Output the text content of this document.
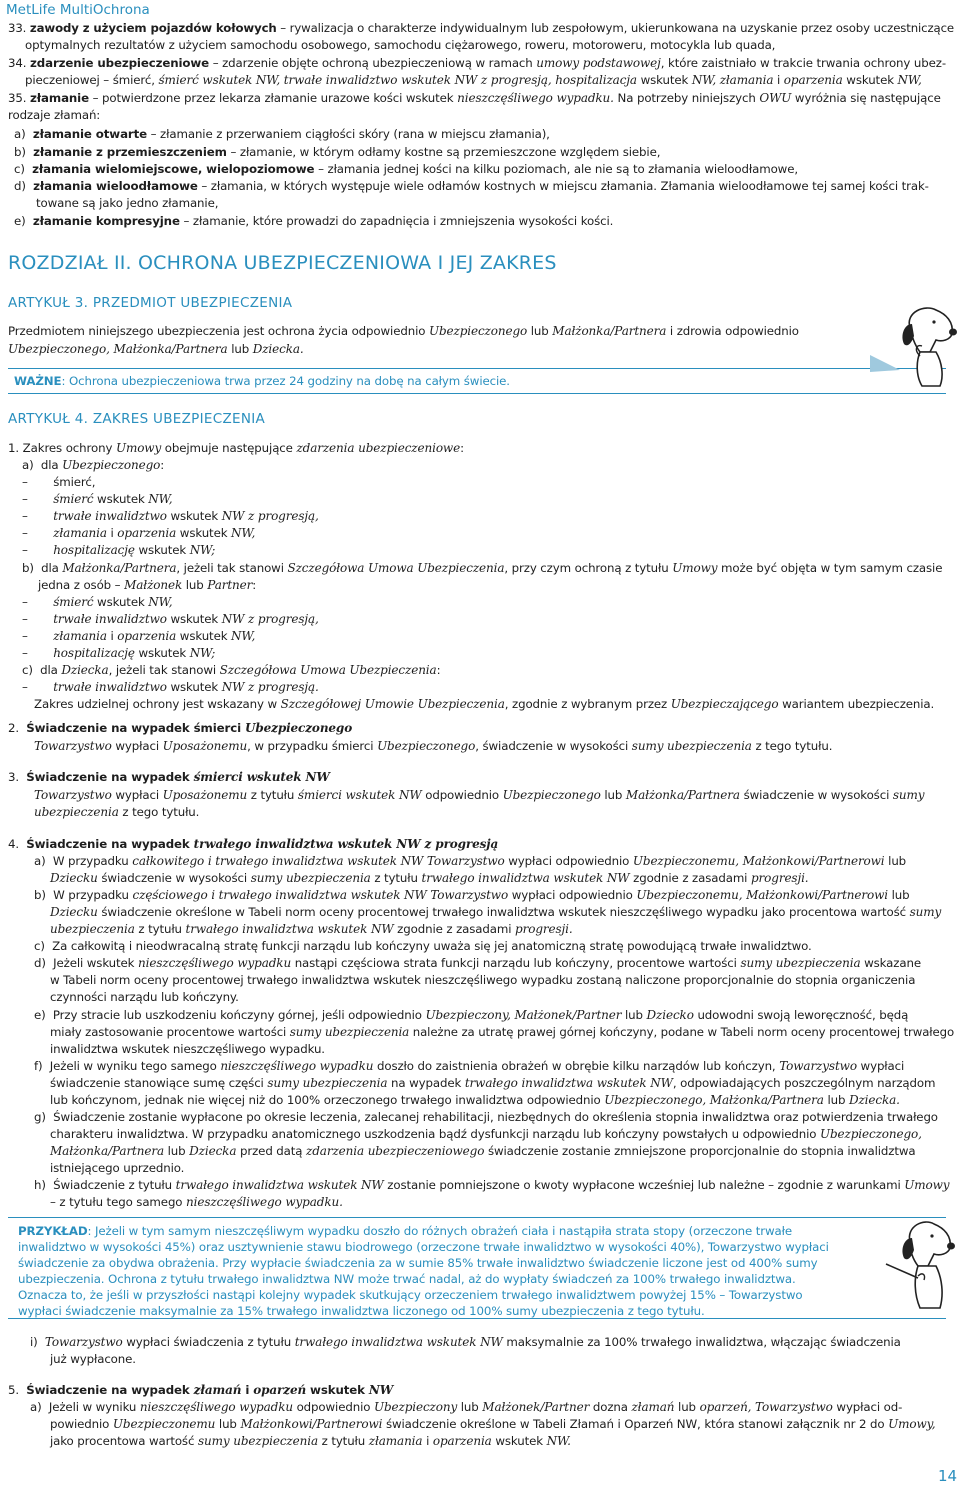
MetLife MultiOchrona
33. zawody z użyciem pojazdów kołowych – rywalizacja o charakterze indywidualnym lub zespołowym, ukierunkowana na uzyskanie przez osoby uczestniczące
optymalnych rezultatów z użyciem samochodu osobowego, samochodu ciężarowego, roweru, motoroweru, motocykla lub quada,
34. zdarzenie ubezpieczeniowe – zdarzenie objęte ochroną ubezpieczeniową w ramach umowy podstawowej, które zaistniało w trakcie trwania ochrony ubez-
pieczeniowej – śmierć, śmierć wskutek NW, trwałe inwalidztwo wskutek NW z progresją, hospitalizacja wskutek NW, złamania i oparzenia wskutek NW,
35. złamanie – potwierdzone przez lekarza złamanie urazowe kości wskutek nieszczęśliwego wypadku. Na potrzeby niniejszych OWU wyróżnia się następujące
rodzaje złamań:
a) złamanie otwarte – złamanie z przerwaniem ciągłości skóry (rana w miejscu złamania),
b) złamanie z przemieszczeniem – złamanie, w którym odłamy kostne są przemieszczone względem siebie,
c) złamania wielomiejscowe, wielopoziomowe – złamania jednej kości na kilku poziomach, ale nie są to złamania wieloodłamowe,
d) złamania wieloodłamowe – złamania, w których występuje wiele odłamów kostnych w miejscu złamania. Złamania wieloodłamowe tej samej kości trak-
towane są jako jedno złamanie,
e) złamanie kompresyjne – złamanie, które prowadzi do zapadnięcia i zmniejszenia wysokości kości.
ROZDZIAŁ II. OCHRONA UBEZPIECZENIOWA I JEJ ZAKRES
ARTYKUŁ 3. PRZEDMIOT UBEZPIECZENIA
Przedmiotem niniejszego ubezpieczenia jest ochrona życia odpowiednio Ubezpieczonego lub Małżonka/Partnera i zdrowia odpowiednio
Ubezpieczonego, Małżonka/Partnera lub Dziecka.
WAŻNE: Ochrona ubezpieczeniowa trwa przez 24 godziny na dobę na całym świecie.
ARTYKUŁ 4. ZAKRES UBEZPIECZENIA
1. Zakres ochrony Umowy obejmuje następujące zdarzenia ubezpieczeniowe:
a) dla Ubezpieczonego:
–       śmierć,
–       śmierć wskutek NW,
–       trwałe inwalidztwo wskutek NW z progresją,
–       złamania i oparzenia wskutek NW,
–       hospitalizację wskutek NW;
b) dla Małżonka/Partnera, jeżeli tak stanowi Szczegółowa Umowa Ubezpieczenia, przy czym ochroną z tytułu Umowy może być objęta w tym samym czasie
jedna z osób – Małżonek lub Partner:
–       śmierć wskutek NW,
–       trwałe inwalidztwo wskutek NW z progresją,
–       złamania i oparzenia wskutek NW,
–       hospitalizację wskutek NW;
c) dla Dziecka, jeżeli tak stanowi Szczegółowa Umowa Ubezpieczenia:
–       trwałe inwalidztwo wskutek NW z progresją.
Zakres udzielnej ochrony jest wskazany w Szczegółowej Umowie Ubezpieczenia, zgodnie z wybranym przez Ubezpieczającego wariantem ubezpieczenia.
2. Świadczenie na wypadek śmierci Ubezpieczonego
Towarzystwo wypłaci Uposażonemu, w przypadku śmierci Ubezpieczonego, świadczenie w wysokości sumy ubezpieczenia z tego tytułu.
3. Świadczenie na wypadek śmierci wskutek NW
Towarzystwo wypłaci Uposażonemu z tytułu śmierci wskutek NW odpowiednio Ubezpieczonego lub Małżonka/Partnera świadczenie w wysokości sumy
ubezpieczenia z tego tytułu.
4. Świadczenie na wypadek trwałego inwalidztwa wskutek NW z progresją
a) W przypadku całkowitego i trwałego inwalidztwa wskutek NW Towarzystwo wypłaci odpowiednio Ubezpieczonemu, Małżonkowi/Partnerowi lub
Dziecku świadczenie w wysokości sumy ubezpieczenia z tytułu trwałego inwalidztwa wskutek NW zgodnie z zasadami progresji.
b) W przypadku częściowego i trwałego inwalidztwa wskutek NW Towarzystwo wypłaci odpowiednio Ubezpieczonemu, Małżonkowi/Partnerowi lub
Dziecku świadczenie określone w Tabeli norm oceny procentowej trwałego inwalidztwa wskutek nieszczęśliwego wypadku jako procentowa wartość sumy
ubezpieczenia z tytułu trwałego inwalidztwa wskutek NW zgodnie z zasadami progresji.
c) Za całkowitą i nieodwracalną stratę funkcji narządu lub kończyny uważa się jej anatomiczną stratę powodującą trwałe inwalidztwo.
d) Jeżeli wskutek nieszczęśliwego wypadku nastąpi częściowa strata funkcji narządu lub kończyny, procentowe wartości sumy ubezpieczenia wskazane
w Tabeli norm oceny procentowej trwałego inwalidztwa wskutek nieszczęśliwego wypadku zostaną naliczone proporcjonalnie do stopnia organiczenia
czynności narządu lub kończyny.
e) Przy stracie lub uszkodzeniu kończyny górnej, jeśli odpowiednio Ubezpieczony, Małżonek/Partner lub Dziecko udowodni swoją leworęczność, będą
miały zastosowanie procentowe wartości sumy ubezpieczenia należne za utratę prawej górnej kończyny, podane w Tabeli norm oceny procentowej trwałego
inwalidztwa wskutek nieszczęśliwego wypadku.
f) Jeżeli w wyniku tego samego nieszczęśliwego wypadku doszło do zaistnienia obrażeń w obrębie kilku narządów lub kończyn, Towarzystwo wypłaci
świadczenie stanowiące sumę części sumy ubezpieczenia na wypadek trwałego inwalidztwa wskutek NW, odpowiadających poszczególnym narządom
lub kończynom, jednak nie więcej niż do 100% orzeczonego trwałego inwalidztwa odpowiednio Ubezpieczonego, Małżonka/Partnera lub Dziecka.
g) Świadczenie zostanie wypłacone po okresie leczenia, zalecanej rehabilitacji, niezbędnych do określenia stopnia inwalidztwa oraz potwierdzenia trwałego
charakteru inwalidztwa. W przypadku anatomicznego uszkodzenia bądź dysfunkcji narządu lub kończyny powstałych u odpowiednio Ubezpieczonego,
Małżonka/Partnera lub Dziecka przed datą zdarzenia ubezpieczeniowego świadczenie zostanie zmniejszone proporcjonalnie do stopnia inwalidztwa
istniejącego uprzednio.
h) Świadczenie z tytułu trwałego inwalidztwa wskutek NW zostanie pomniejszone o kwoty wypłacone wcześniej lub należne – zgodnie z warunkami Umowy
– z tytułu tego samego nieszczęśliwego wypadku.
PRZYKŁAD: Jeżeli w tym samym nieszczęśliwym wypadku doszło do różnych obrażeń ciała i nastąpiła strata stopy (orzeczone trwałe
inwalidztwo w wysokości 45%) oraz usztywnienie stawu biodrowego (orzeczone trwałe inwalidztwo w wysokości 40%), Towarzystwo wypłaci
świadczenie za obydwa obrażenia. Przy wypłacie świadczenia za w sumie 85% trwałe inwalidztwo świadczenie liczone jest od 400% sumy
ubezpieczenia. Ochrona z tytułu trwałego inwalidztwa NW może trwać nadal, aż do wypłaty świadczeń za 100% trwałego inwalidztwa.
Oznacza to, że jeśli w przyszłości nastąpi kolejny wypadek skutkujący orzeczeniem trwałego inwalidztwem powyżej 15% – Towarzystwo
wypłaci świadczenie maksymalnie za 15% trwałego inwalidztwa liczonego od 100% sumy ubezpieczenia z tego tytułu.
i) Towarzystwo wypłaci świadczenia z tytułu trwałego inwalidztwa wskutek NW maksymalnie za 100% trwałego inwalidztwa, włączając świadczenia
już wypłacone.
5. Świadczenie na wypadek złamań i oparzeń wskutek NW
a) Jeżeli w wyniku nieszczęśliwego wypadku odpowiednio Ubezpieczony lub Małżonek/Partner dozna złamań lub oparzeń, Towarzystwo wypłaci od-
powiednio Ubezpieczonemu lub Małżonkowi/Partnerowi świadczenie określone w Tabeli Złamań i Oparzeń NW, która stanowi załącznik nr 2 do Umowy,
jako procentowa wartość sumy ubezpieczenia z tytułu złamania i oparzenia wskutek NW.
14
